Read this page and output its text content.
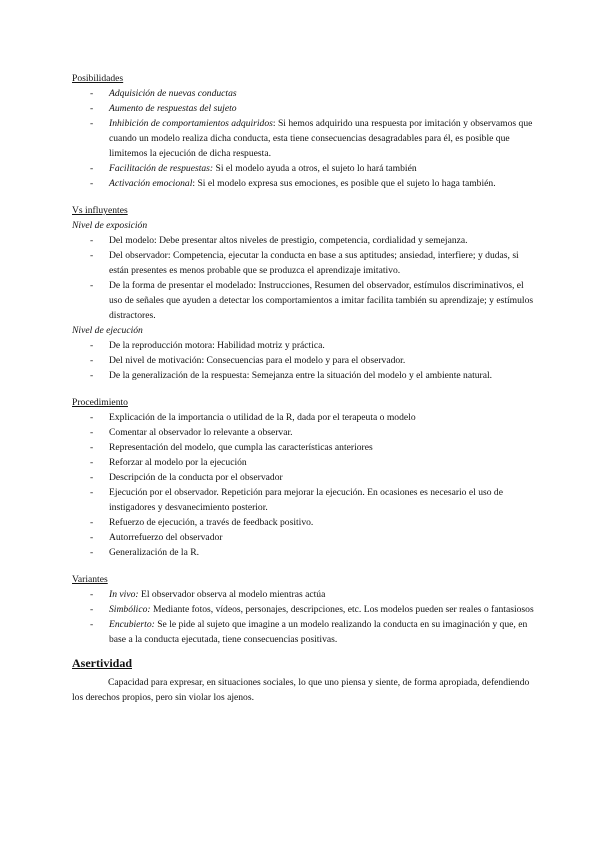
Posibilidades

- Adquisición de nuevas conductas
- Aumento de respuestas del sujeto
- Inhibición de comportamientos adquiridos: Si hemos adquirido una respuesta por imitación y observamos que cuando un modelo realiza dicha conducta, esta tiene consecuencias desagradables para él, es posible que limitemos la ejecución de dicha respuesta.
- Facilitación de respuestas: Si el modelo ayuda a otros, el sujeto lo hará también
- Activación emocional: Si el modelo expresa sus emociones, es posible que el sujeto lo haga también.

Vs influyentes

Nivel de exposición

- Del modelo: Debe presentar altos niveles de prestigio, competencia, cordialidad y semejanza.
- Del observador: Competencia, ejecutar la conducta en base a sus aptitudes; ansiedad, interfiere; y dudas, si están presentes es menos probable que se produzca el aprendizaje imitativo.
- De la forma de presentar el modelado: Instrucciones, Resumen del observador, estímulos discriminativos, el uso de señales que ayuden a detectar los comportamientos a imitar facilita también su aprendizaje; y estímulos distractores.

Nivel de ejecución

- De la reproducción motora: Habilidad motriz y práctica.
- Del nivel de motivación: Consecuencias para el modelo y para el observador.
- De la generalización de la respuesta: Semejanza entre la situación del modelo y el ambiente natural.

Procedimiento

- Explicación de la importancia o utilidad de la R, dada por el terapeuta o modelo
- Comentar al observador lo relevante a observar.
- Representación del modelo, que cumpla las características anteriores
- Reforzar al modelo por la ejecución
- Descripción de la conducta por el observador
- Ejecución por el observador. Repetición para mejorar la ejecución. En ocasiones es necesario el uso de instigadores y desvanecimiento posterior.
- Refuerzo de ejecución, a través de feedback positivo.
- Autorrefuerzo del observador
- Generalización de la R.

Variantes

- In vivo: El observador observa al modelo mientras actúa
- Simbólico: Mediante fotos, vídeos, personajes, descripciones, etc. Los modelos pueden ser reales o fantasiosos
- Encubierto: Se le pide al sujeto que imagine a un modelo realizando la conducta en su imaginación y que, en base a la conducta ejecutada, tiene consecuencias positivas.

Asertividad

Capacidad para expresar, en situaciones sociales, lo que uno piensa y siente, de forma apropiada, defendiendo los derechos propios, pero sin violar los ajenos.
